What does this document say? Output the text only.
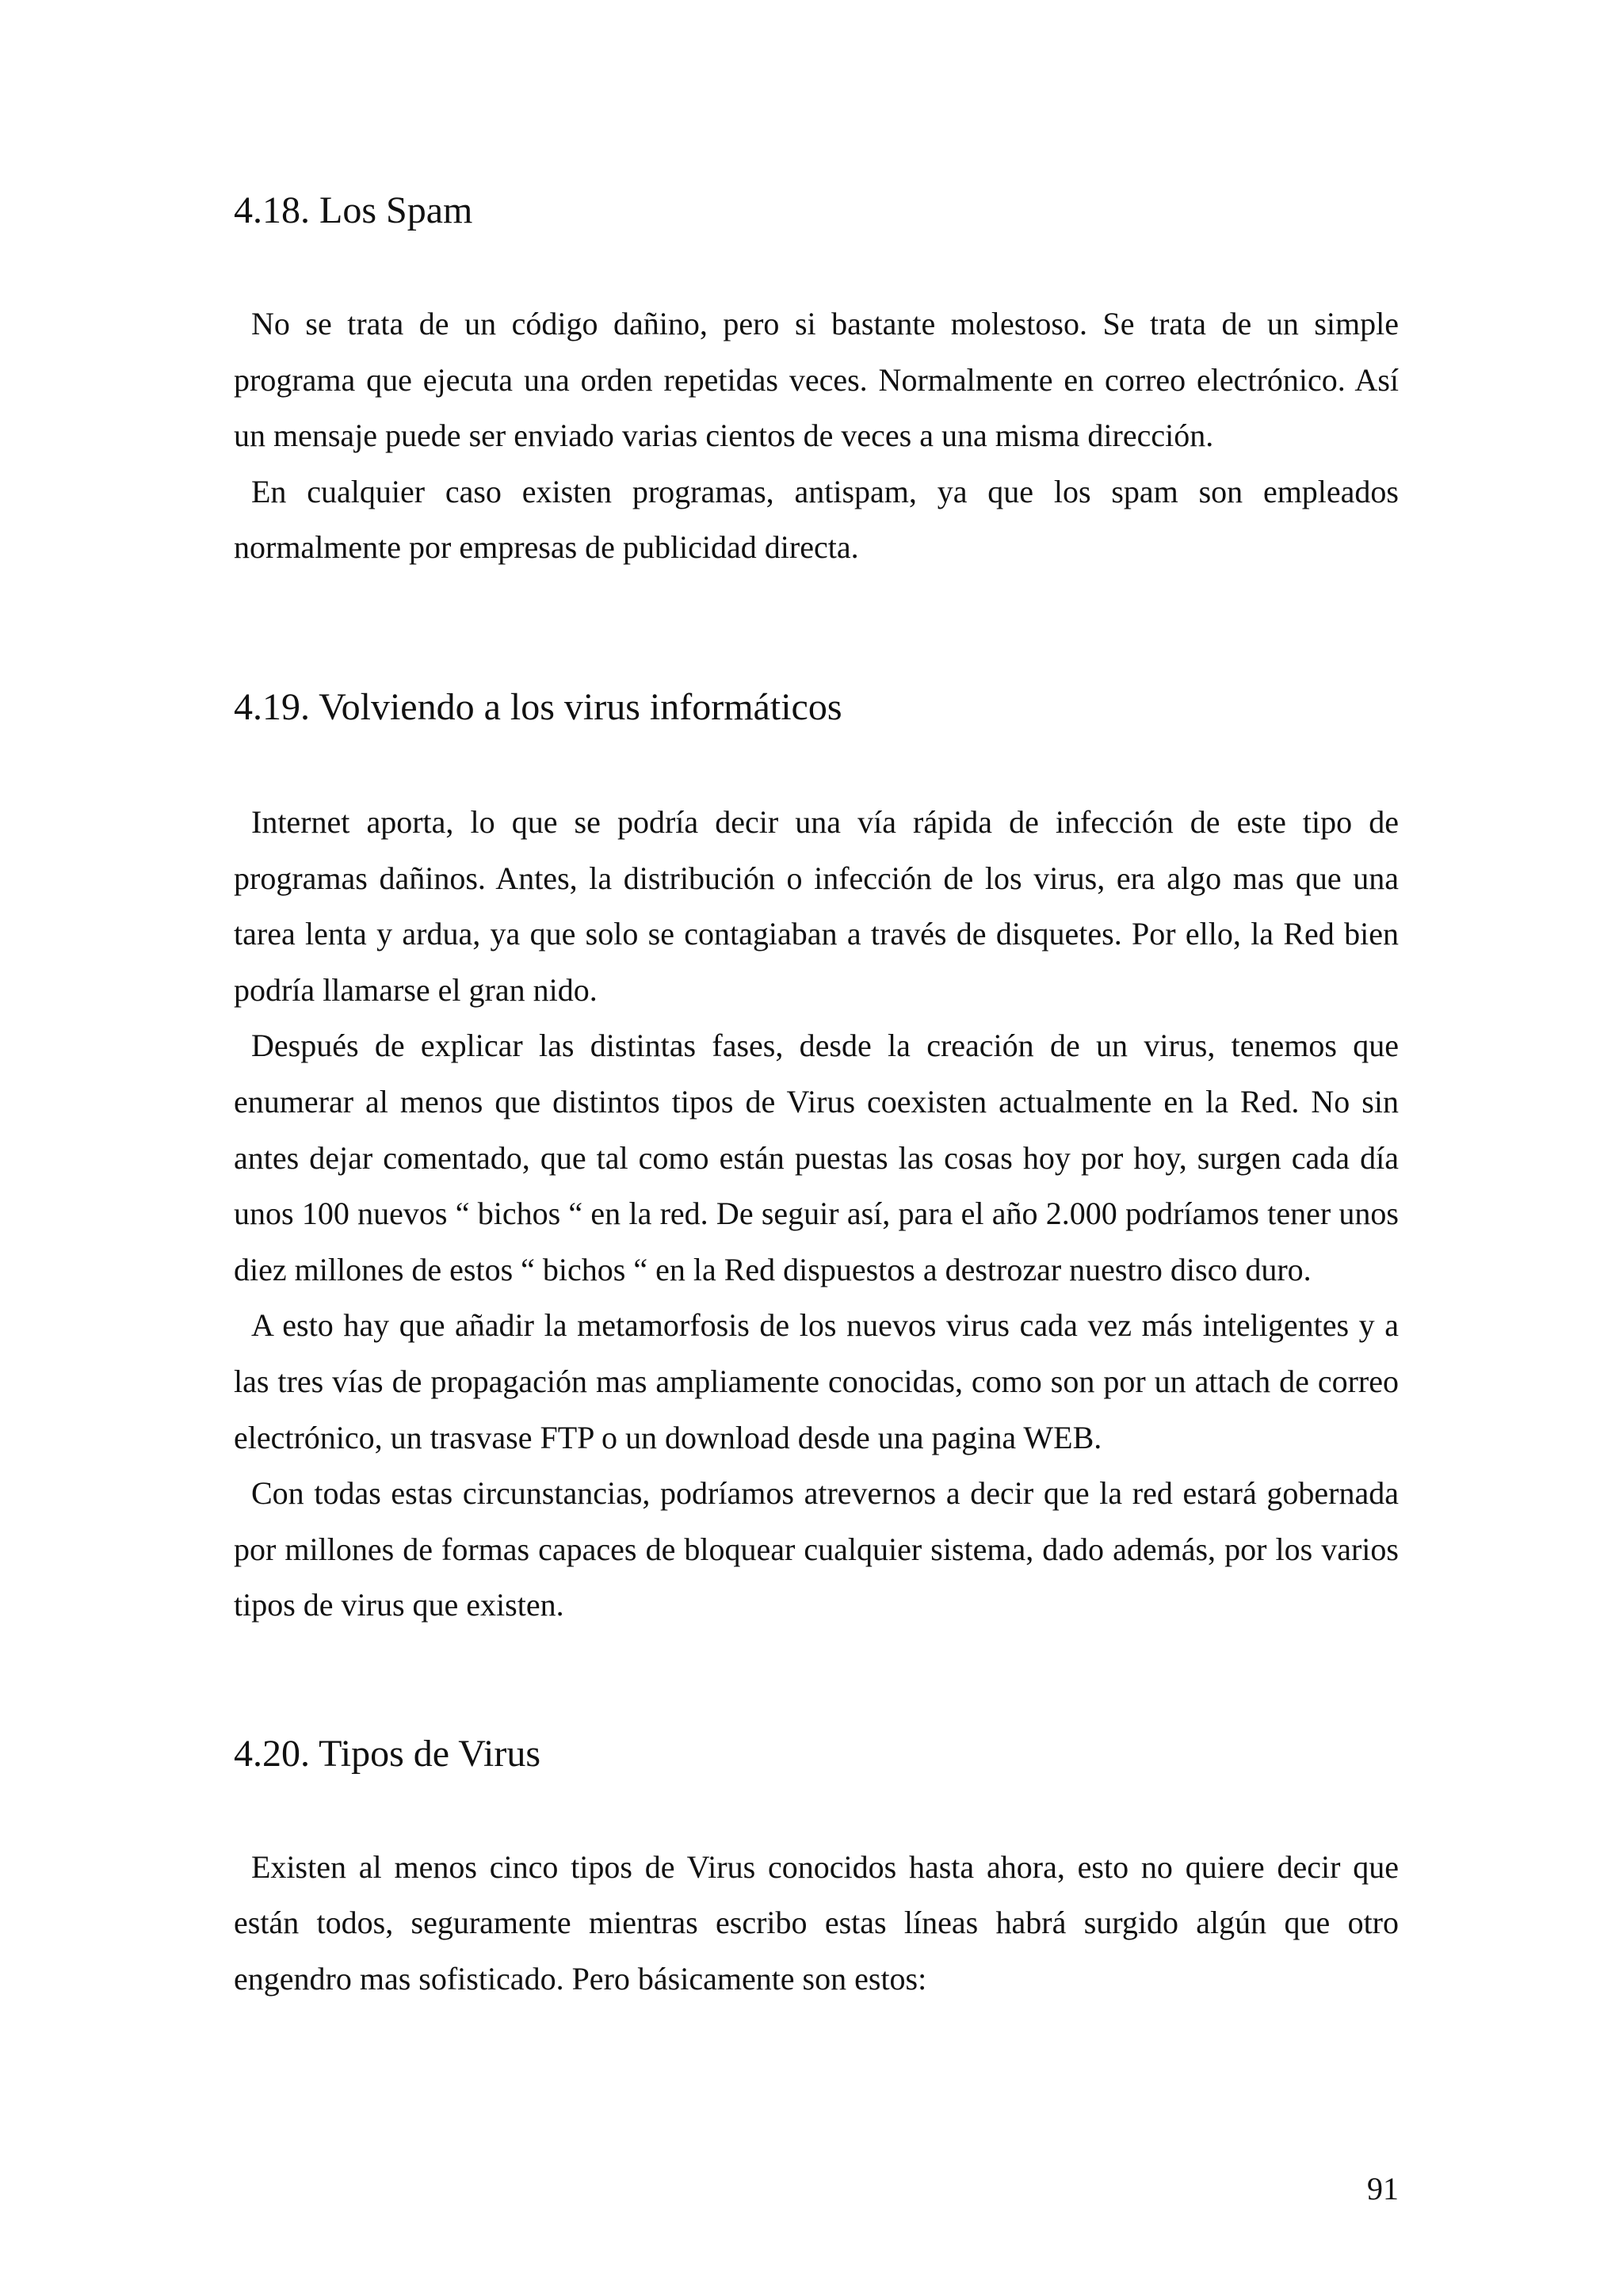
4.18. Los Spam

No se trata de un código dañino, pero si bastante molestoso. Se trata de un simple programa que ejecuta una orden repetidas veces. Normalmente en correo electrónico. Así un mensaje puede ser enviado varias cientos de veces a una misma dirección.

En cualquier caso existen programas, antispam, ya que los spam son empleados normalmente por empresas de publicidad directa.

4.19. Volviendo a los virus informáticos

Internet aporta, lo que se podría decir una vía rápida de infección de este tipo de programas dañinos. Antes, la distribución o infección de los virus, era algo mas que una tarea lenta y ardua, ya que solo se contagiaban a través de disquetes. Por ello, la Red bien podría llamarse el gran nido.

Después de explicar las distintas fases, desde la creación de un virus, tenemos que enumerar al menos que distintos tipos de Virus coexisten actualmente en la Red. No sin antes dejar comentado, que tal como están puestas las cosas hoy por hoy, surgen cada día unos 100 nuevos “ bichos “ en la red. De seguir así, para el año 2.000 podríamos tener unos diez millones de estos “ bichos “ en la Red dispuestos a destrozar nuestro disco duro.

A esto hay que añadir la metamorfosis de los nuevos virus cada vez más inteligentes y a las tres vías de propagación mas ampliamente conocidas, como son por un attach de correo electrónico, un trasvase FTP o un download desde una pagina WEB.

Con todas estas circunstancias, podríamos atrevernos a decir que la red estará gobernada por millones de formas capaces de bloquear cualquier sistema, dado además, por los varios tipos de virus que existen.

4.20. Tipos de Virus

Existen al menos cinco tipos de Virus conocidos hasta ahora, esto no quiere decir que están todos, seguramente mientras escribo estas líneas habrá surgido algún que otro engendro mas sofisticado. Pero básicamente son estos:

91
